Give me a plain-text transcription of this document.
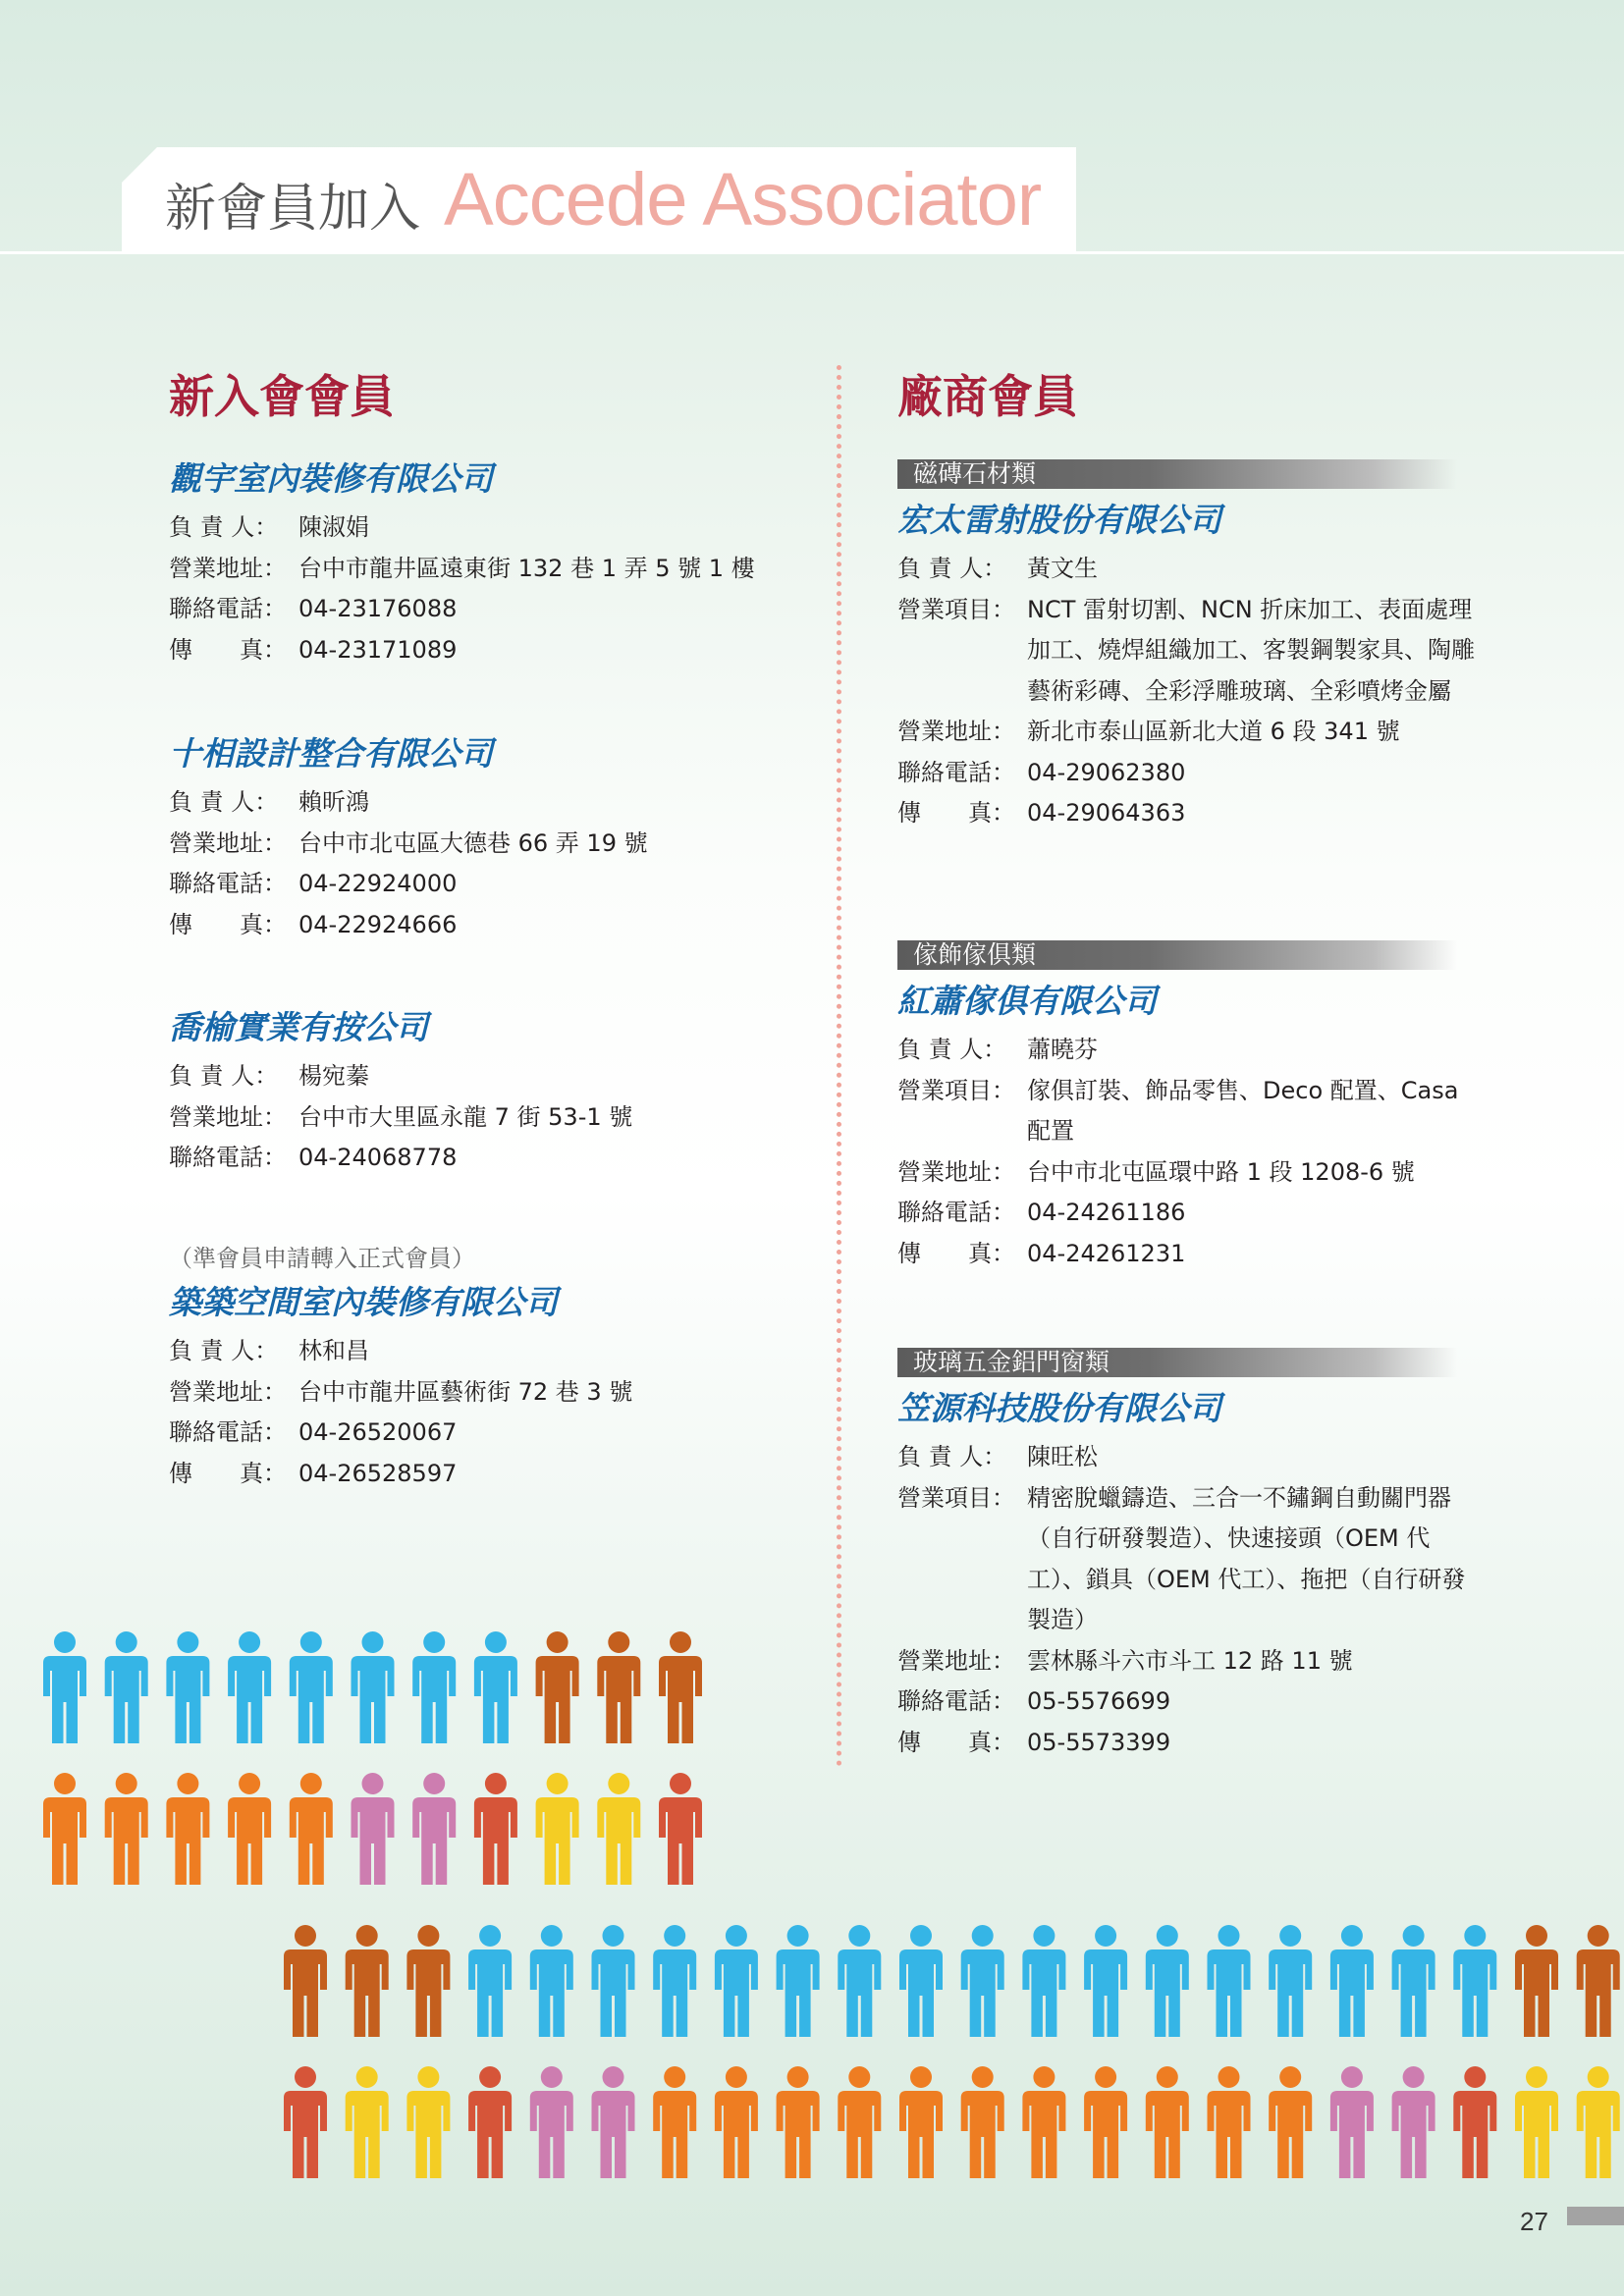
新會員加入 Accede Associator
新入會會員	廠商會員
觀宇室內裝修有限公司
負 責 人： 陳淑娟
營業地址： 台中市龍井區遠東街 132 巷 1 弄 5 號 1 樓
聯絡電話： 04-23176088
傳　　真： 04-23171089
十相設計整合有限公司
負 責 人： 賴昕鴻
營業地址： 台中市北屯區大德巷 66 弄 19 號
聯絡電話： 04-22924000
傳　　真： 04-22924666
喬榆實業有按公司
負 責 人： 楊宛蓁
營業地址： 台中市大里區永龍 7 街 53-1 號
聯絡電話： 04-24068778
（準會員申請轉入正式會員）
築築空間室內裝修有限公司
負 責 人： 林和昌
營業地址： 台中市龍井區藝術街 72 巷 3 號
聯絡電話： 04-26520067
傳　　真： 04-26528597
磁磚石材類
宏太雷射股份有限公司
負 責 人： 黃文生
營業項目： NCT 雷射切割、NCN 折床加工、表面處理加工、燒焊組織加工、客製鋼製家具、陶雕藝術彩磚、全彩浮雕玻璃、全彩噴烤金屬
營業地址： 新北市泰山區新北大道 6 段 341 號
聯絡電話： 04-29062380
傳　　真： 04-29064363
傢飾傢俱類
紅蕭傢俱有限公司
負 責 人： 蕭曉芬
營業項目： 傢俱訂裝、飾品零售、Deco 配置、Casa 配置
營業地址： 台中市北屯區環中路 1 段 1208-6 號
聯絡電話： 04-24261186
傳　　真： 04-24261231
玻璃五金鋁門窗類
笠源科技股份有限公司
負 責 人： 陳旺松
營業項目： 精密脫蠟鑄造、三合一不鏽鋼自動關門器（自行研發製造）、快速接頭（OEM 代工）、鎖具（OEM 代工）、拖把（自行研發製造）
營業地址： 雲林縣斗六市斗工 12 路 11 號
聯絡電話： 05-5576699
傳　　真： 05-5573399
27
